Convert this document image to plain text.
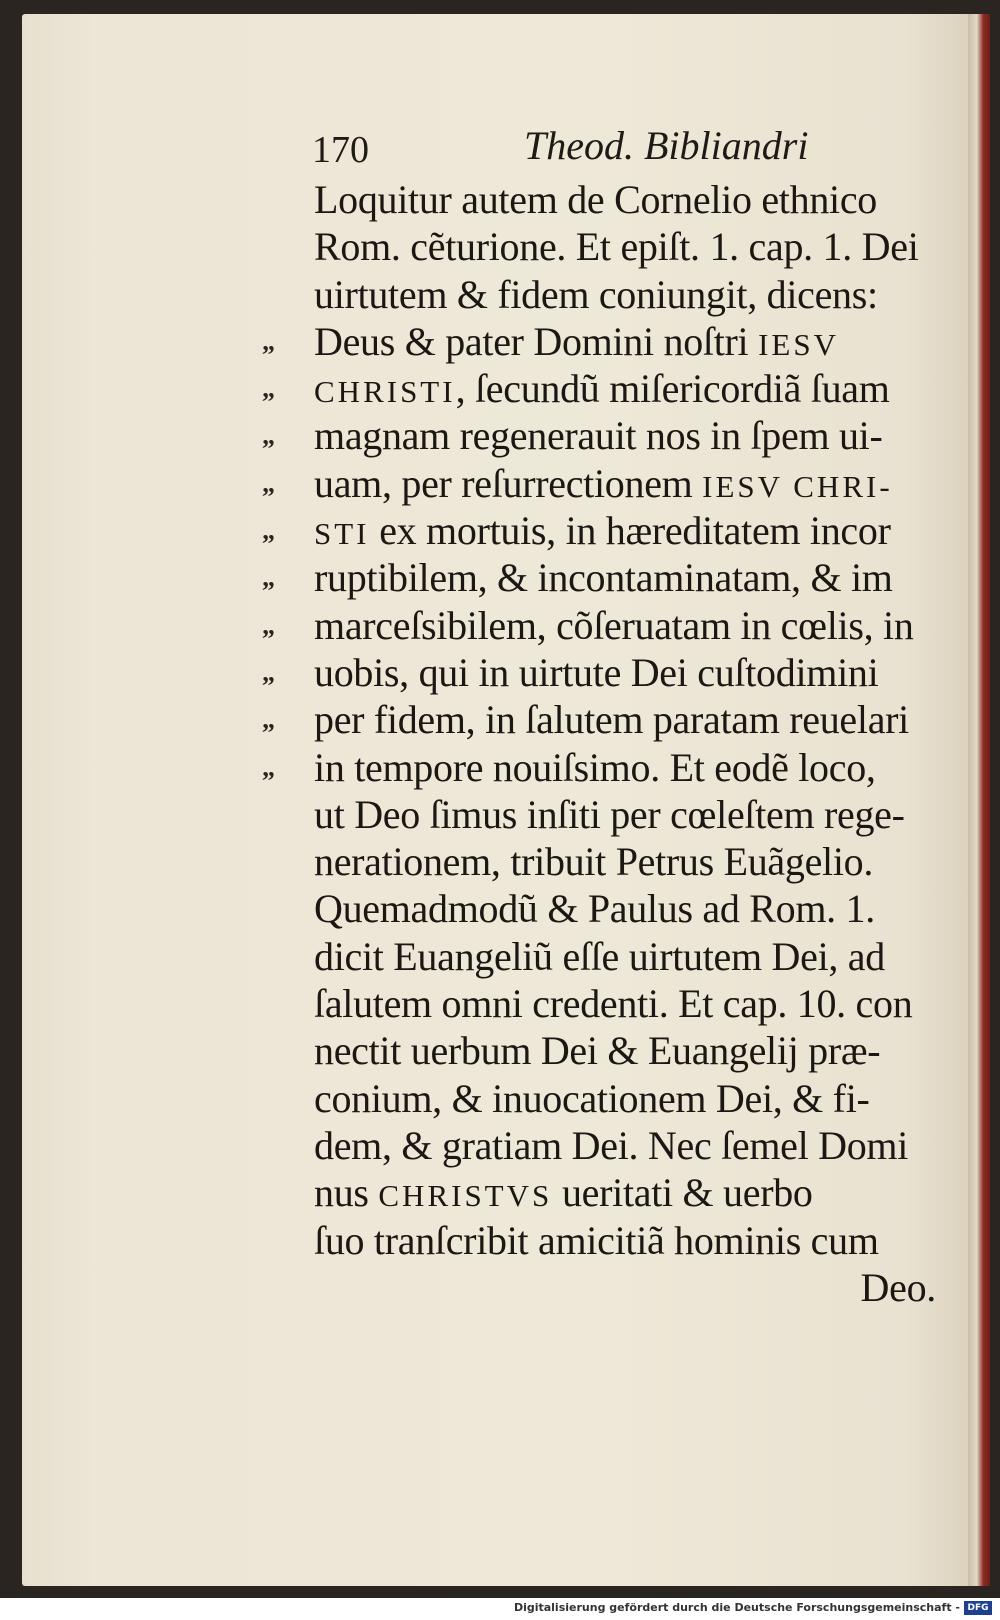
170	Theod. Bibliandri
Loquitur autem de Cornelio ethnico
Rom. cẽturione. Et epiſt. 1. cap. 1. Dei
uirtutem & fidem coniungit, dicens:
„ Deus & pater Domini noſtri IESV
„	CHRISTI, ſecundũ miſericordiã ſuam
„ magnam regenerauit nos in ſpem ui-
„ uam, per reſurrectionem IESV CHRI-
„	STI ex mortuis, in hæreditatem incor
„ ruptibilem, & incontaminatam, & im
„ marceſsibilem, cõſeruatam in cœlis, in
„ uobis, qui in uirtute Dei cuſtodimini
„ per fidem, in ſalutem paratam reuelari
„ in tempore nouiſsimo. Et eodẽ loco,
ut Deo ſimus inſiti per cœleſtem rege-
nerationem, tribuit Petrus Euãgelio.
Quemadmodũ & Paulus ad Rom. 1.
dicit Euangeliũ eſſe uirtutem Dei, ad
ſalutem omni credenti. Et cap. 10. con
nectit uerbum Dei & Euangelij præ-
conium, & inuocationem Dei, & fi-
dem, & gratiam Dei. Nec ſemel Domi
nus CHRISTVS ueritati & uerbo
ſuo tranſcribit amicitiã hominis cum
Deo.
Digitalisierung gefördert durch die Deutsche Forschungsgemeinschaft - DFG
